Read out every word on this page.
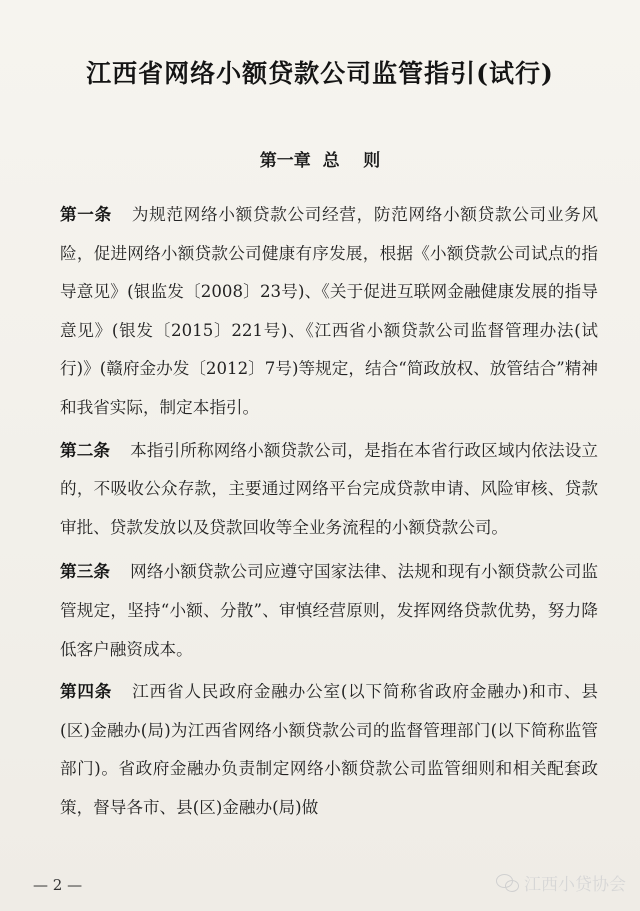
江西省网络小额贷款公司监管指引(试行)
第一章  总    则

第一条 为规范网络小额贷款公司经营，防范网络小额贷款公司业务风险，促进网络小额贷款公司健康有序发展，根据《小额贷款公司试点的指导意见》(银监发〔2008〕23号)、《关于促进互联网金融健康发展的指导意见》(银发〔2015〕221号)、《江西省小额贷款公司监督管理办法(试行)》(赣府金办发〔2012〕7号)等规定，结合“简政放权、放管结合”精神和我省实际，制定本指引。

第二条 本指引所称网络小额贷款公司，是指在本省行政区域内依法设立的，不吸收公众存款，主要通过网络平台完成贷款申请、风险审核、贷款审批、贷款发放以及贷款回收等全业务流程的小额贷款公司。

第三条 网络小额贷款公司应遵守国家法律、法规和现有小额贷款公司监管规定，坚持“小额、分散”、审慎经营原则，发挥网络贷款优势，努力降低客户融资成本。

第四条 江西省人民政府金融办公室(以下简称省政府金融办)和市、县(区)金融办(局)为江西省网络小额贷款公司的监督管理部门(以下简称监管部门)。省政府金融办负责制定网络小额贷款公司监管细则和相关配套政策，督导各市、县(区)金融办(局)做

— 2 —	江西小贷协会
